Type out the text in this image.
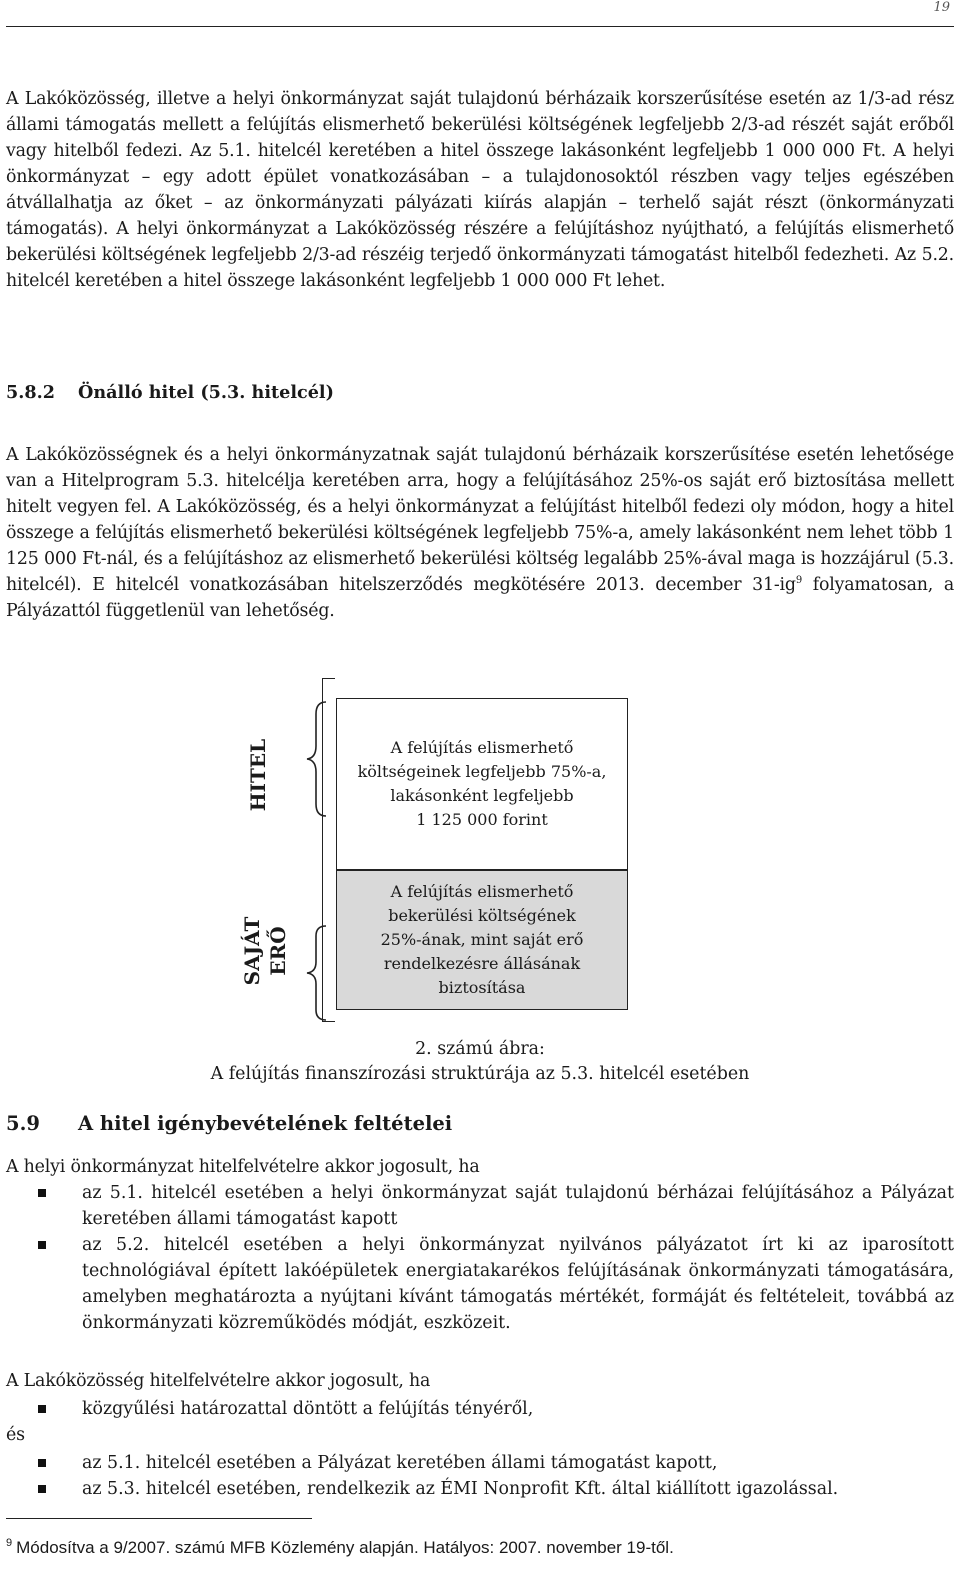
19

A Lakóközösség, illetve a helyi önkormányzat saját tulajdonú bérházaik korszerűsítése esetén az 1/3-ad rész állami támogatás mellett a felújítás elismerhető bekerülési költségének legfeljebb 2/3-ad részét saját erőből vagy hitelből fedezi. Az 5.1. hitelcél keretében a hitel összege lakásonként legfeljebb 1 000 000 Ft. A helyi önkormányzat – egy adott épület vonatkozásában – a tulajdonosoktól részben vagy teljes egészében átvállalhatja az őket – az önkormányzati pályázati kiírás alapján – terhelő saját részt (önkormányzati támogatás). A helyi önkormányzat a Lakóközösség részére a felújításhoz nyújtható, a felújítás elismerhető bekerülési költségének legfeljebb 2/3-ad részéig terjedő önkormányzati támogatást hitelből fedezheti. Az 5.2. hitelcél keretében a hitel összege lakásonként legfeljebb 1 000 000 Ft lehet.

5.8.2 Önálló hitel (5.3. hitelcél)

A Lakóközösségnek és a helyi önkormányzatnak saját tulajdonú bérházaik korszerűsítése esetén lehetősége van a Hitelprogram 5.3. hitelcélja keretében arra, hogy a felújításához 25%-os saját erő biztosítása mellett hitelt vegyen fel. A Lakóközösség, és a helyi önkormányzat a felújítást hitelből fedezi oly módon, hogy a hitel összege a felújítás elismerhető bekerülési költségének legfeljebb 75%-a, amely lakásonként nem lehet több 1 125 000 Ft-nál, és a felújításhoz az elismerhető bekerülési költség legalább 25%-ával maga is hozzájárul (5.3. hitelcél). E hitelcél vonatkozásában hitelszerződés megkötésére 2013. december $31-ig^9$ folyamatosan, a Pályázattól függetlenül van lehetőség.

HITEL
SAJÁT ERŐ
A felújítás elismerhető
költségeinek legfeljebb 75%-a,
lakásonként legfeljebb
1 125 000 forint
A felújítás elismerhető
bekerülési költségének
25%-ának, mint saját erő
rendelkezésre állásának
biztosítása
2. számú ábra:
A felújítás finanszírozási struktúrája az 5.3. hitelcél esetében
5.9 A hitel igénybevételének feltételei

A helyi önkormányzat hitelfelvételre akkor jogosult, ha

az 5.1. hitelcél esetében a helyi önkormányzat saját tulajdonú bérházai felújításához a Pályázat keretében állami támogatást kapott
az 5.2. hitelcél esetében a helyi önkormányzat nyilvános pályázatot írt ki az iparosított technológiával épített lakóépületek energiatakarékos felújításának önkormányzati támogatására, amelyben meghatározta a nyújtani kívánt támogatás mértékét, formáját és feltételeit, továbbá az önkormányzati közreműködés módját, eszközeit.

A Lakóközösség hitelfelvételre akkor jogosult, ha

közgyűlési határozattal döntött a felújítás tényéről,

és

az 5.1. hitelcél esetében a Pályázat keretében állami támogatást kapott,
az 5.3. hitelcél esetében, rendelkezik az ÉMI Nonprofit Kft. által kiállított igazolással.
$^9$ Módosítva a 9/2007. számú MFB Közlemény alapján. Hatályos: 2007. november 19-től.
